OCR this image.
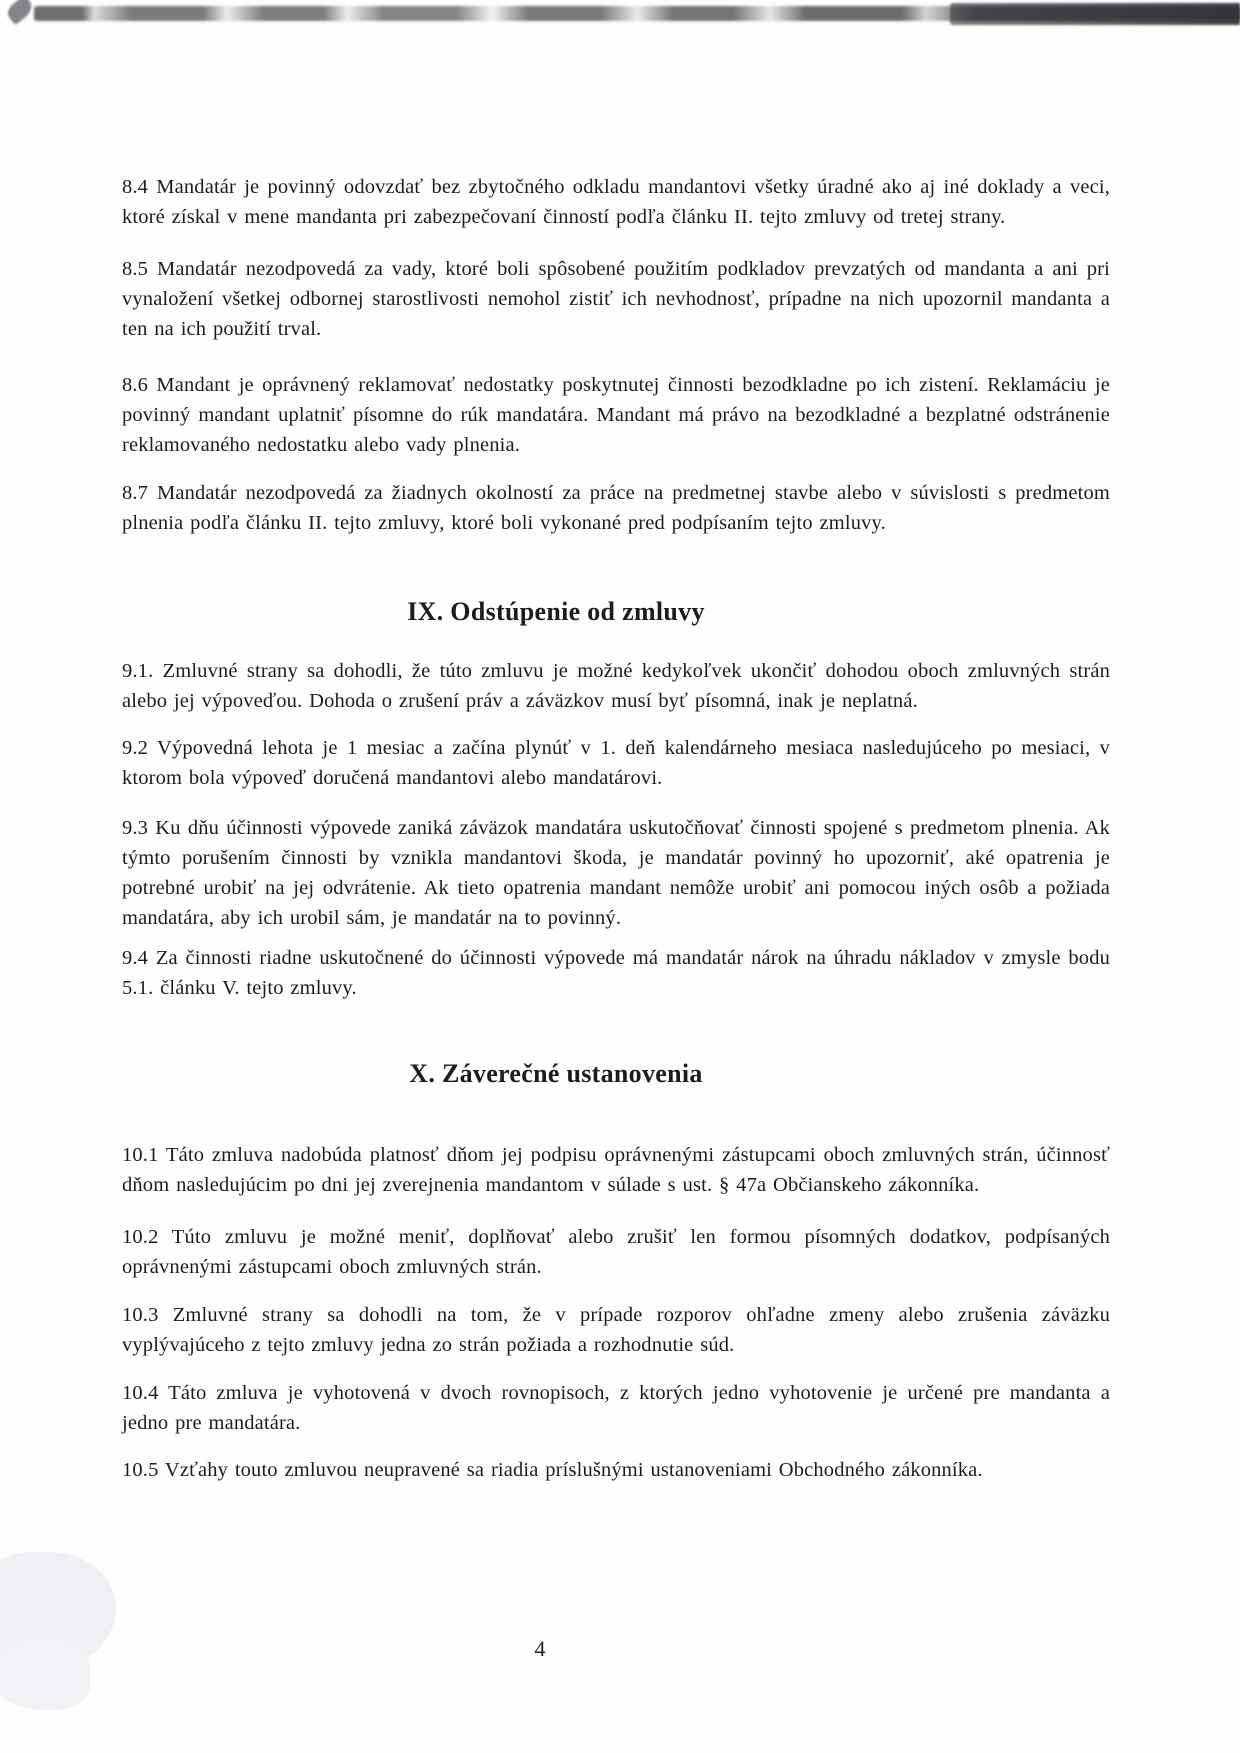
8.4 Mandatár je povinný odovzdať bez zbytočného odkladu mandantovi všetky úradné ako aj iné doklady a veci, ktoré získal v mene mandanta pri zabezpečovaní činností podľa článku II. tejto zmluvy od tretej strany.

8.5 Mandatár nezodpovedá za vady, ktoré boli spôsobené použitím podkladov prevzatých od mandanta a ani pri vynaložení všetkej odbornej starostlivosti nemohol zistiť ich nevhodnosť, prípadne na nich upozornil mandanta a ten na ich použití trval.

8.6 Mandant je oprávnený reklamovať nedostatky poskytnutej činnosti bezodkladne po ich zistení. Reklamáciu je povinný mandant uplatniť písomne do rúk mandatára. Mandant má právo na bezodkladné a bezplatné odstránenie reklamovaného nedostatku alebo vady plnenia.

8.7 Mandatár nezodpovedá za žiadnych okolností za práce na predmetnej stavbe alebo v súvislosti s predmetom plnenia podľa článku II. tejto zmluvy, ktoré boli vykonané pred podpísaním tejto zmluvy.

IX. Odstúpenie od zmluvy

9.1. Zmluvné strany sa dohodli, že túto zmluvu je možné kedykoľvek ukončiť dohodou oboch zmluvných strán alebo jej výpoveďou. Dohoda o zrušení práv a záväzkov musí byť písomná, inak je neplatná.

9.2 Výpovedná lehota je 1 mesiac a začína plynúť v 1. deň kalendárneho mesiaca nasledujúceho po mesiaci, v ktorom bola výpoveď doručená mandantovi alebo mandatárovi.

9.3 Ku dňu účinnosti výpovede zaniká záväzok mandatára uskutočňovať činnosti spojené s predmetom plnenia. Ak týmto porušením činnosti by vznikla mandantovi škoda, je mandatár povinný ho upozorniť, aké opatrenia je potrebné urobiť na jej odvrátenie. Ak tieto opatrenia mandant nemôže urobiť ani pomocou iných osôb a požiada mandatára, aby ich urobil sám, je mandatár na to povinný.

9.4 Za činnosti riadne uskutočnené do účinnosti výpovede má mandatár nárok na úhradu nákladov v zmysle bodu 5.1. článku V. tejto zmluvy.

X. Záverečné ustanovenia

10.1 Táto zmluva nadobúda platnosť dňom jej podpisu oprávnenými zástupcami oboch zmluvných strán, účinnosť dňom nasledujúcim po dni jej zverejnenia mandantom v súlade s ust. § 47a Občianskeho zákonníka.

10.2 Túto zmluvu je možné meniť, doplňovať alebo zrušiť len formou písomných dodatkov, podpísaných oprávnenými zástupcami oboch zmluvných strán.

10.3 Zmluvné strany sa dohodli na tom, že v prípade rozporov ohľadne zmeny alebo zrušenia záväzku vyplývajúceho z tejto zmluvy jedna zo strán požiada a rozhodnutie súd.

10.4 Táto zmluva je vyhotovená v dvoch rovnopisoch, z ktorých jedno vyhotovenie je určené pre mandanta a jedno pre mandatára.

10.5 Vzťahy touto zmluvou neupravené sa riadia príslušnými ustanoveniami Obchodného zákonníka.

4
